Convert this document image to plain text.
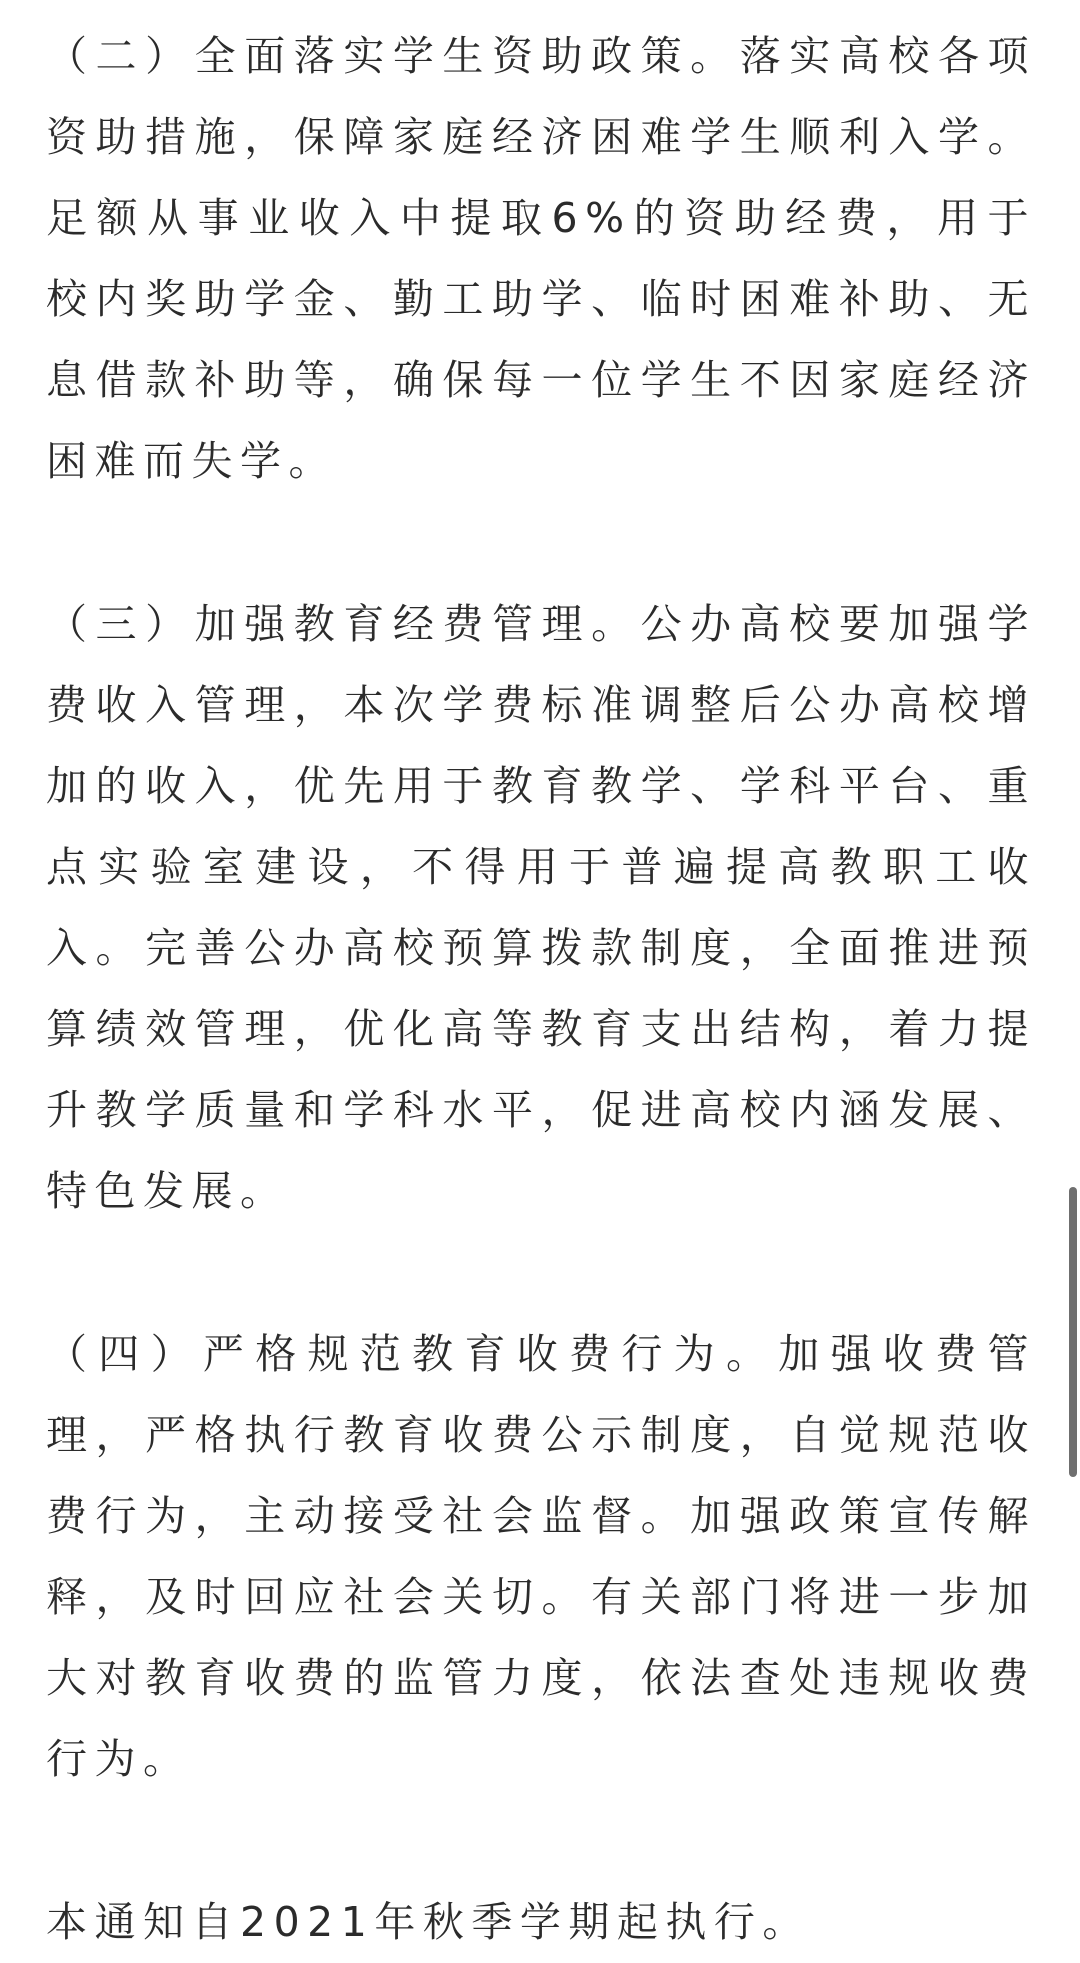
（二）全面落实学生资助政策。落实高校各项资助措施，保障家庭经济困难学生顺利入学。足额从事业收入中提取6%的资助经费，用于校内奖助学金、勤工助学、临时困难补助、无息借款补助等，确保每一位学生不因家庭经济困难而失学。

（三）加强教育经费管理。公办高校要加强学费收入管理，本次学费标准调整后公办高校增加的收入，优先用于教育教学、学科平台、重点实验室建设，不得用于普遍提高教职工收入。完善公办高校预算拨款制度，全面推进预算绩效管理，优化高等教育支出结构，着力提升教学质量和学科水平，促进高校内涵发展、特色发展。

（四）严格规范教育收费行为。加强收费管理，严格执行教育收费公示制度，自觉规范收费行为，主动接受社会监督。加强政策宣传解释，及时回应社会关切。有关部门将进一步加大对教育收费的监管力度，依法查处违规收费行为。

本通知自2021年秋季学期起执行。
